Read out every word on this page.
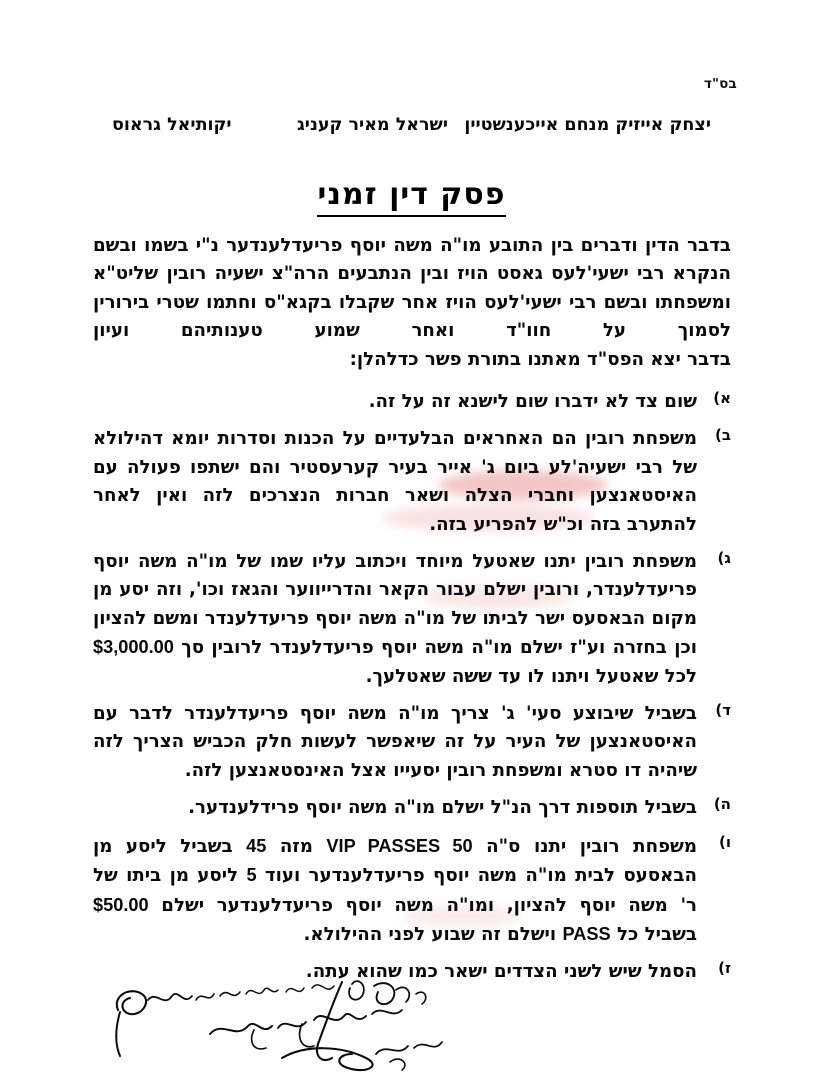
בס"ד
יצחק אייזיק מנחם אייכענשטיין
ישראל מאיר קעניג
יקותיאל גראוס
פסק דין זמני

בדבר הדין ודברים בין התובע מו"ה משה יוסף פריעדלענדער נ"י בשמו ובשם הנקרא רבי ישעי'לעס גאסט הויז ובין הנתבעים הרה"צ ישעיה רובין שליט"א ומשפחתו ובשם רבי ישעי'לעס הויז אחר שקבלו בקגא"ס וחתמו שטרי בירורין לסמוך על חוו"ד ואחר שמוע טענותיהם ועיון

בדבר יצא הפס"ד מאתנו בתורת פשר כדלהלן:

א)
שום צד לא ידברו שום לישנא זה על זה.
ב)
משפחת רובין הם האחראים הבלעדיים על הכנות וסדרות יומא דהילולא של רבי ישעיה'לע ביום ג' אייר בעיר קערעסטיר והם ישתפו פעולה עם האיסטאנצען וחברי הצלה ושאר חברות הנצרכים לזה ואין לאחר להתערב בזה וכ"ש להפריע בזה.
ג)
משפחת רובין יתנו שאטעל מיוחד ויכתוב עליו שמו של מו"ה משה יוסף פריעדלענדר, ורובין ישלם עבור הקאר והדרייווער והגאז וכו', וזה יסע מן מקום הבאסעס ישר לביתו של מו"ה משה יוסף פריעדלענדר ומשם להציון וכן בחזרה וע"ז ישלם מו"ה משה יוסף פריעדלענדר לרובין סך $3,000.00 לכל שאטעל ויתנו לו עד ששה שאטלעך.
ד)
בשביל שיבוצע סעי' ג' צריך מו"ה משה יוסף פריעדלענדר לדבר עם האיסטאנצען של העיר על זה שיאפשר לעשות חלק הכביש הצריך לזה שיהיה דו סטרא ומשפחת רובין יסעייו אצל האינסטאנצען לזה.
ה)
בשביל תוספות דרך הנ"ל ישלם מו"ה משה יוסף פרידלענדער.
ו)
משפחת רובין יתנו ס"ה VIP PASSES 50 מזה 45 בשביל ליסע מן הבאסעס לבית מו"ה משה יוסף פריעדלענדער ועוד 5 ליסע מן ביתו של ר' משה יוסף להציון, ומו"ה משה יוסף פריעדלענדער ישלם $50.00 בשביל כל PASS וישלם זה שבוע לפני ההילולא.
ז)
הסמל שיש לשני הצדדים ישאר כמו שהוא עתה.
